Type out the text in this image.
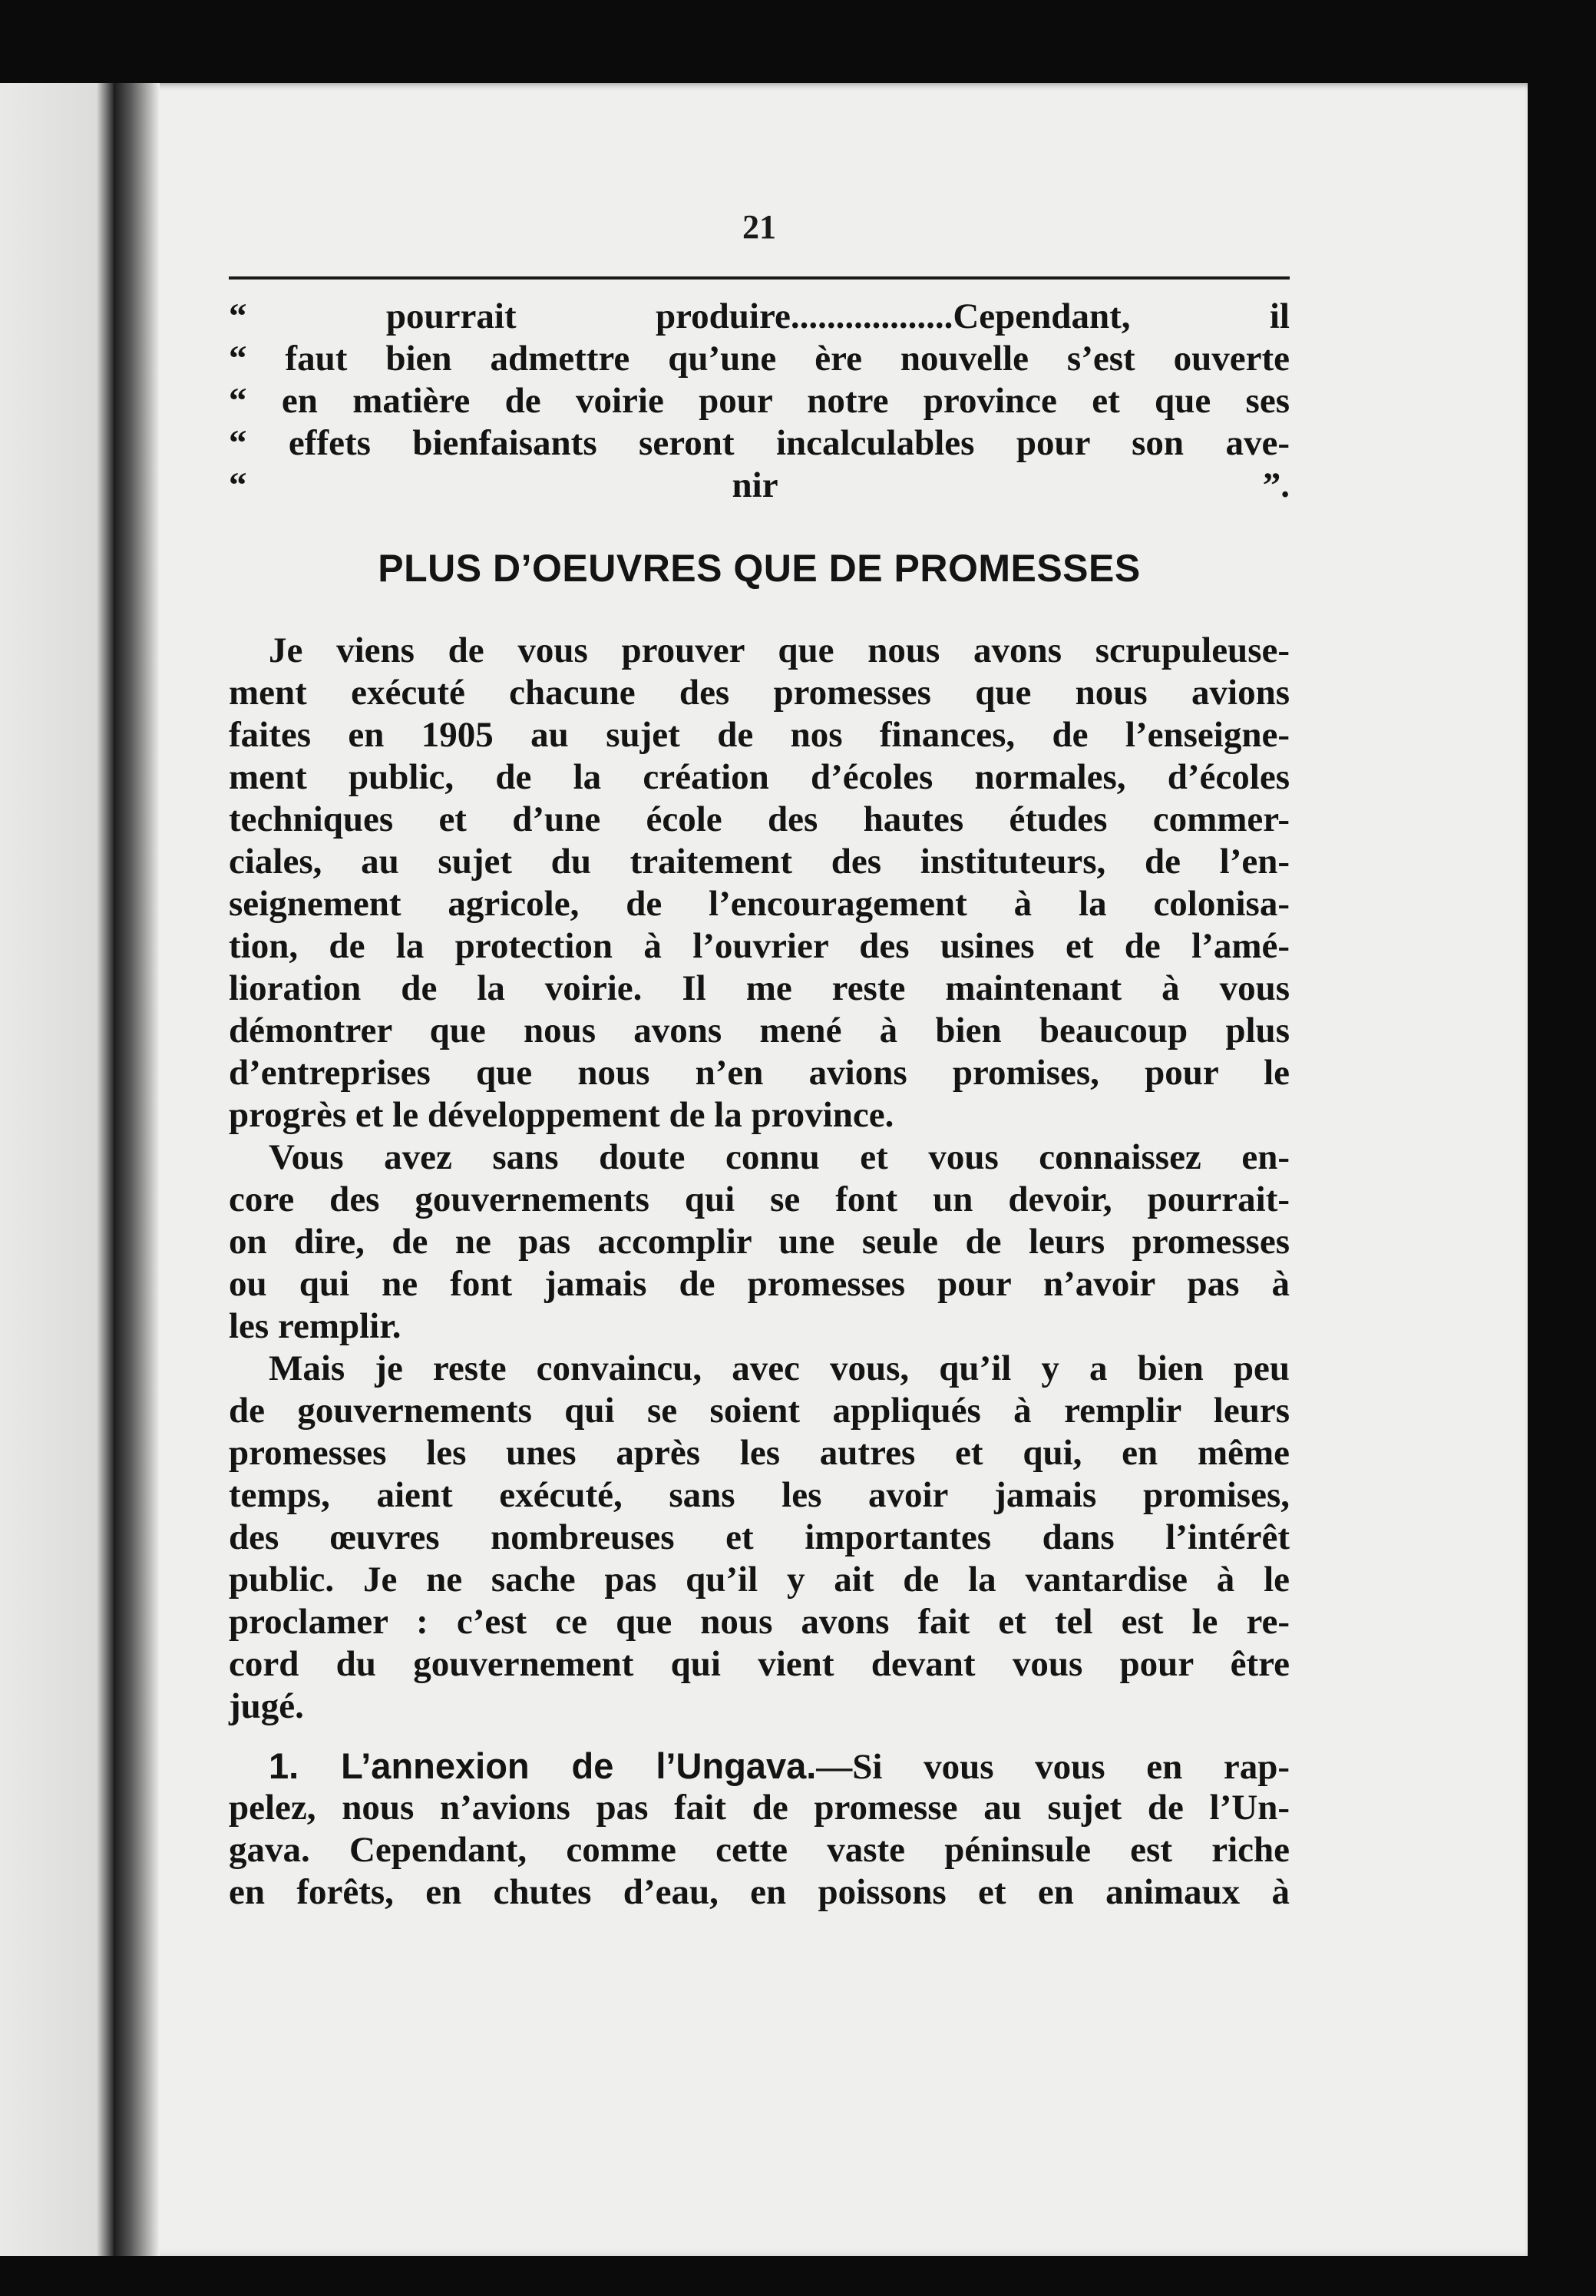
21
“ pourrait produire..................Cependant, il
“ faut bien admettre qu’une ère nouvelle s’est ouverte
“ en matière de voirie pour notre province et que ses
“ effets bienfaisants seront incalculables pour son ave-
“ nir ”.
PLUS D’OEUVRES QUE DE PROMESSES
Je viens de vous prouver que nous avons scrupuleuse-
ment exécuté chacune des promesses que nous avions
faites en 1905 au sujet de nos finances, de l’enseigne-
ment public, de la création d’écoles normales, d’écoles
techniques et d’une école des hautes études commer-
ciales, au sujet du traitement des instituteurs, de l’en-
seignement agricole, de l’encouragement à la colonisa-
tion, de la protection à l’ouvrier des usines et de l’amé-
lioration de la voirie. Il me reste maintenant à vous
démontrer que nous avons mené à bien beaucoup plus
d’entreprises que nous n’en avions promises, pour le
progrès et le développement de la province.
Vous avez sans doute connu et vous connaissez en-
core des gouvernements qui se font un devoir, pourrait-
on dire, de ne pas accomplir une seule de leurs promesses
ou qui ne font jamais de promesses pour n’avoir pas à
les remplir.
Mais je reste convaincu, avec vous, qu’il y a bien peu
de gouvernements qui se soient appliqués à remplir leurs
promesses les unes après les autres et qui, en même
temps, aient exécuté, sans les avoir jamais promises,
des œuvres nombreuses et importantes dans l’intérêt
public. Je ne sache pas qu’il y ait de la vantardise à le
proclamer : c’est ce que nous avons fait et tel est le re-
cord du gouvernement qui vient devant vous pour être
jugé.
1. L’annexion de l’Ungava.—Si vous vous en rap-
pelez, nous n’avions pas fait de promesse au sujet de l’Un-
gava. Cependant, comme cette vaste péninsule est riche
en forêts, en chutes d’eau, en poissons et en animaux à
